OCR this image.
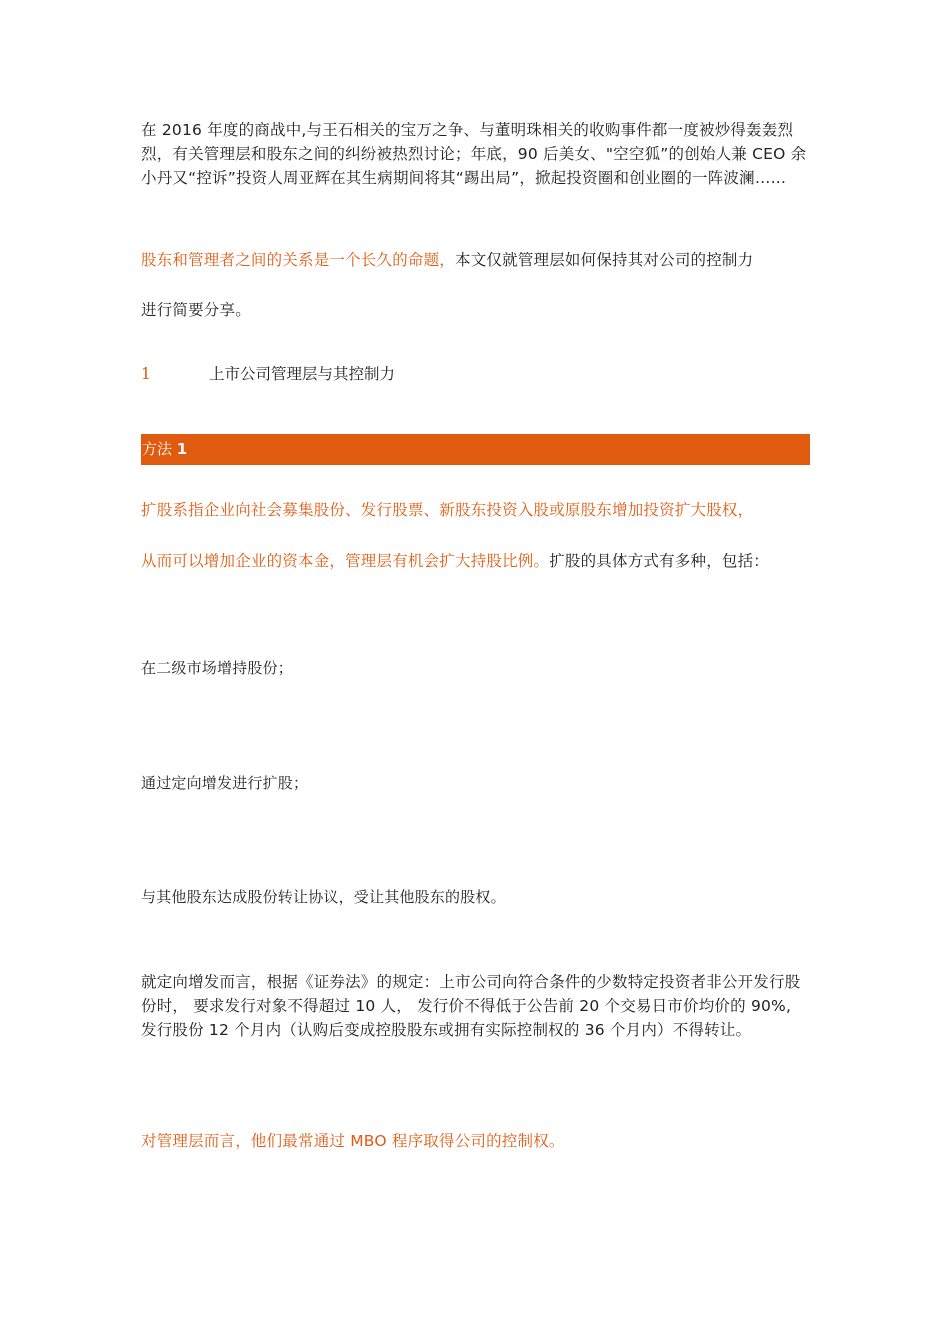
在 2016 年度的商战中,与王石相关的宝万之争、与董明珠相关的收购事件都一度被炒得轰轰烈烈，有关管理层和股东之间的纠纷被热烈讨论；年底，90 后美女、"空空狐”的创始人兼 CEO 余小丹又“控诉”投资人周亚辉在其生病期间将其“踢出局”，掀起投资圈和创业圈的一阵波澜……

股东和管理者之间的关系是一个长久的命题，本文仅就管理层如何保持其对公司的控制力

进行简要分享。

1	上市公司管理层与其控制力
方法 1

扩股系指企业向社会募集股份、发行股票、新股东投资入股或原股东增加投资扩大股权，

从而可以增加企业的资本金，管理层有机会扩大持股比例。扩股的具体方式有多种，包括：

在二级市场增持股份；

通过定向增发进行扩股；

与其他股东达成股份转让协议，受让其他股东的股权。

就定向增发而言，根据《证券法》的规定：上市公司向符合条件的少数特定投资者非公开发行股份时， 要求发行对象不得超过 10 人， 发行价不得低于公告前 20 个交易日市价均价的 90%, 发行股份 12 个月内（认购后变成控股股东或拥有实际控制权的 36 个月内）不得转让。

对管理层而言，他们最常通过 MBO 程序取得公司的控制权。
